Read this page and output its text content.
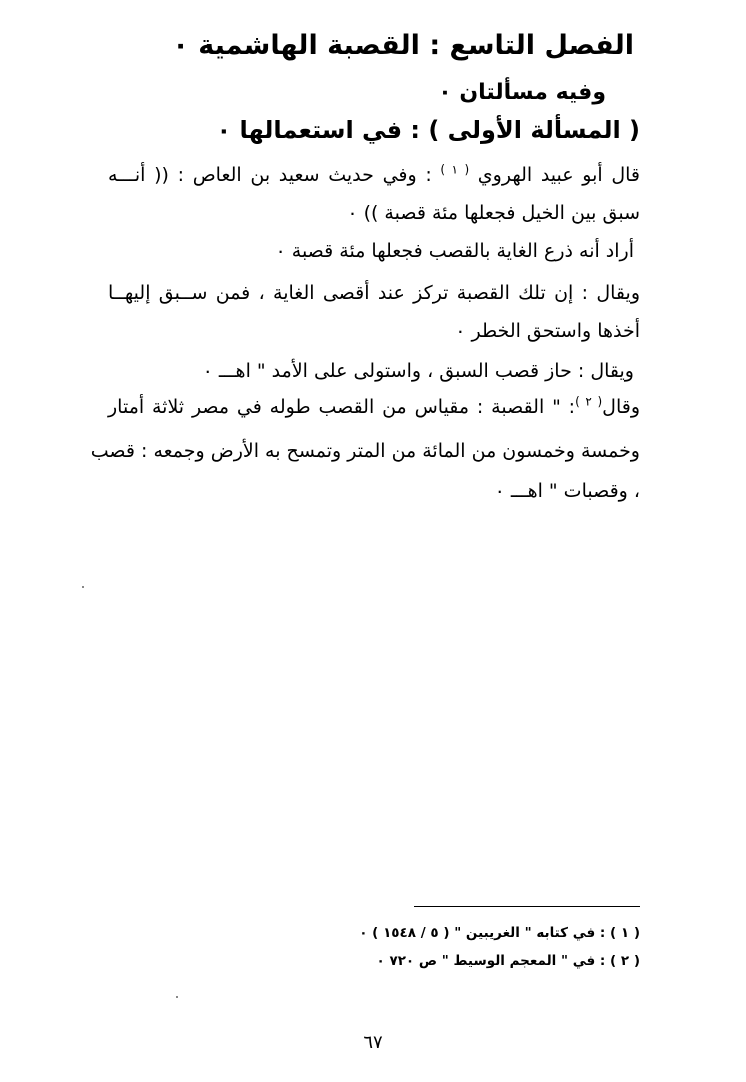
الفصل التاسع : القصبة الهاشمية ٠
وفيه مسألتان ٠
( المسألة الأولى ) : في استعمالها ٠
قال أبو عبيد الهروي $^{( ١ )}$ : وفي حديث سعيد بن العاص : (( أنـــه
سبق بين الخيل فجعلها مئة قصبة )) ٠
أراد أنه ذرع الغاية بالقصب فجعلها مئة قصبة ٠
ويقال : إن تلك القصبة تركز عند أقصى الغاية ، فمن ســبق إليهــا
أخذها واستحق الخطر ٠
ويقال : حاز قصب السبق ، واستولى على الأمد " اهـــ ٠
وقال$^{( ٢ )}$: " القصبة : مقياس من القصب طوله في مصر ثلاثة أمتار
وخمسة وخمسون من المائة من المتر وتمسح به الأرض وجمعه : قصب
، وقصبات " اهـــ ٠
( ١ ) : في كتابه " الغريبين " ( ٥ / ١٥٤٨ ) ٠
( ٢ ) : في " المعجم الوسيط " ص ٧٢٠ ٠
٦٧
